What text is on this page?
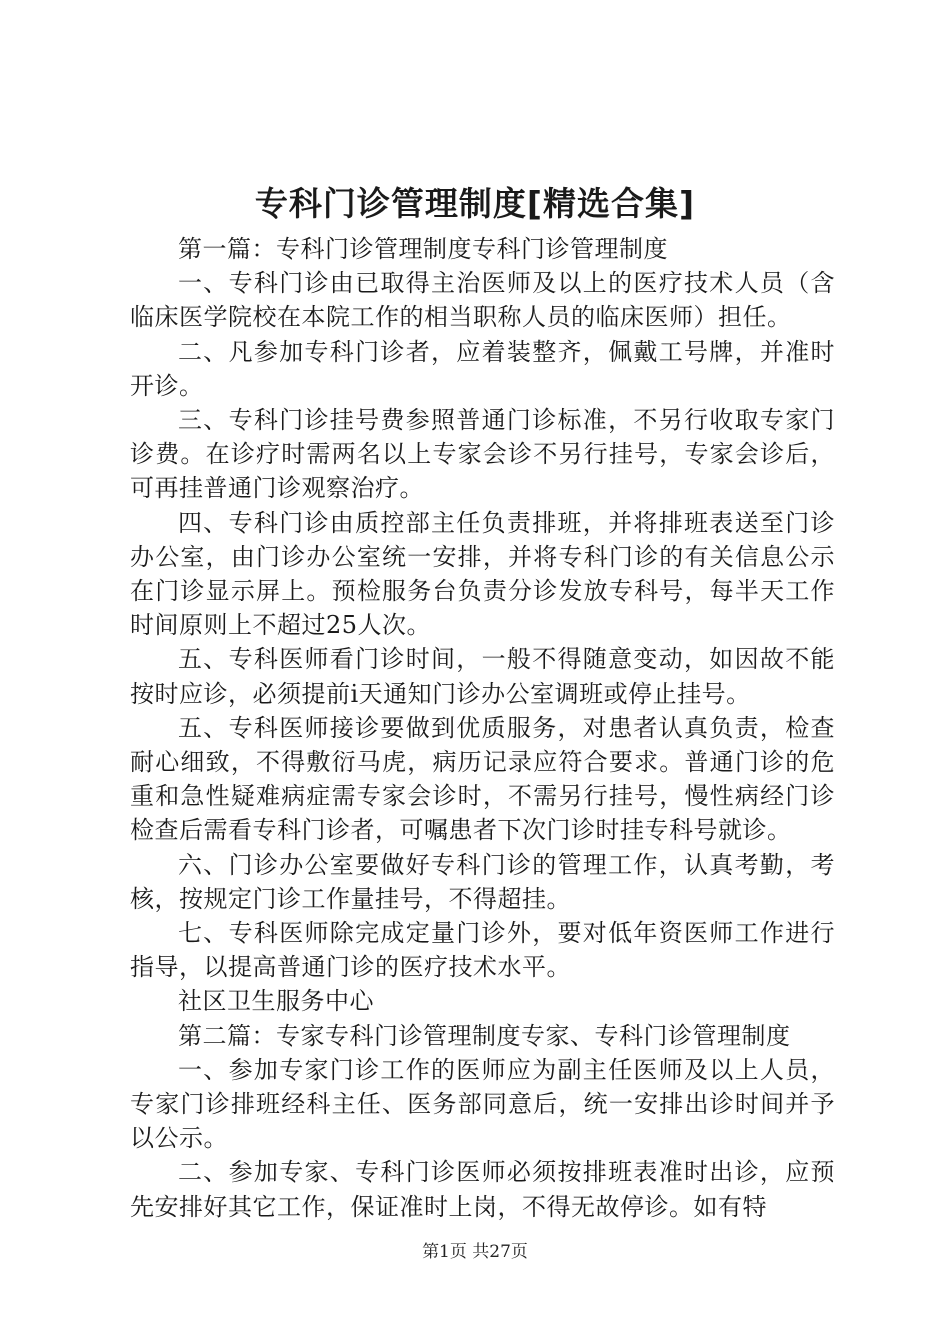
专科门诊管理制度[精选合集]

第一篇：专科门诊管理制度专科门诊管理制度

一、专科门诊由已取得主治医师及以上的医疗技术人员（含临床医学院校在本院工作的相当职称人员的临床医师）担任。

二、凡参加专科门诊者，应着装整齐，佩戴工号牌，并准时开诊。

三、专科门诊挂号费参照普通门诊标准，不另行收取专家门诊费。在诊疗时需两名以上专家会诊不另行挂号，专家会诊后，可再挂普通门诊观察治疗。

四、专科门诊由质控部主任负责排班，并将排班表送至门诊办公室，由门诊办公室统一安排，并将专科门诊的有关信息公示在门诊显示屏上。预检服务台负责分诊发放专科号，每半天工作时间原则上不超过25人次。

五、专科医师看门诊时间，一般不得随意变动，如因故不能按时应诊，必须提前i天通知门诊办公室调班或停止挂号。

五、专科医师接诊要做到优质服务，对患者认真负责，检查耐心细致，不得敷衍马虎，病历记录应符合要求。普通门诊的危重和急性疑难病症需专家会诊时，不需另行挂号，慢性病经门诊检查后需看专科门诊者，可嘱患者下次门诊时挂专科号就诊。

六、门诊办公室要做好专科门诊的管理工作，认真考勤，考核，按规定门诊工作量挂号，不得超挂。

七、专科医师除完成定量门诊外，要对低年资医师工作进行指导，以提高普通门诊的医疗技术水平。

社区卫生服务中心

第二篇：专家专科门诊管理制度专家、专科门诊管理制度

一、参加专家门诊工作的医师应为副主任医师及以上人员，专家门诊排班经科主任、医务部同意后，统一安排出诊时间并予以公示。

二、参加专家、专科门诊医师必须按排班表准时出诊，应预先安排好其它工作，保证准时上岗，不得无故停诊。如有特

第1页 共27页
